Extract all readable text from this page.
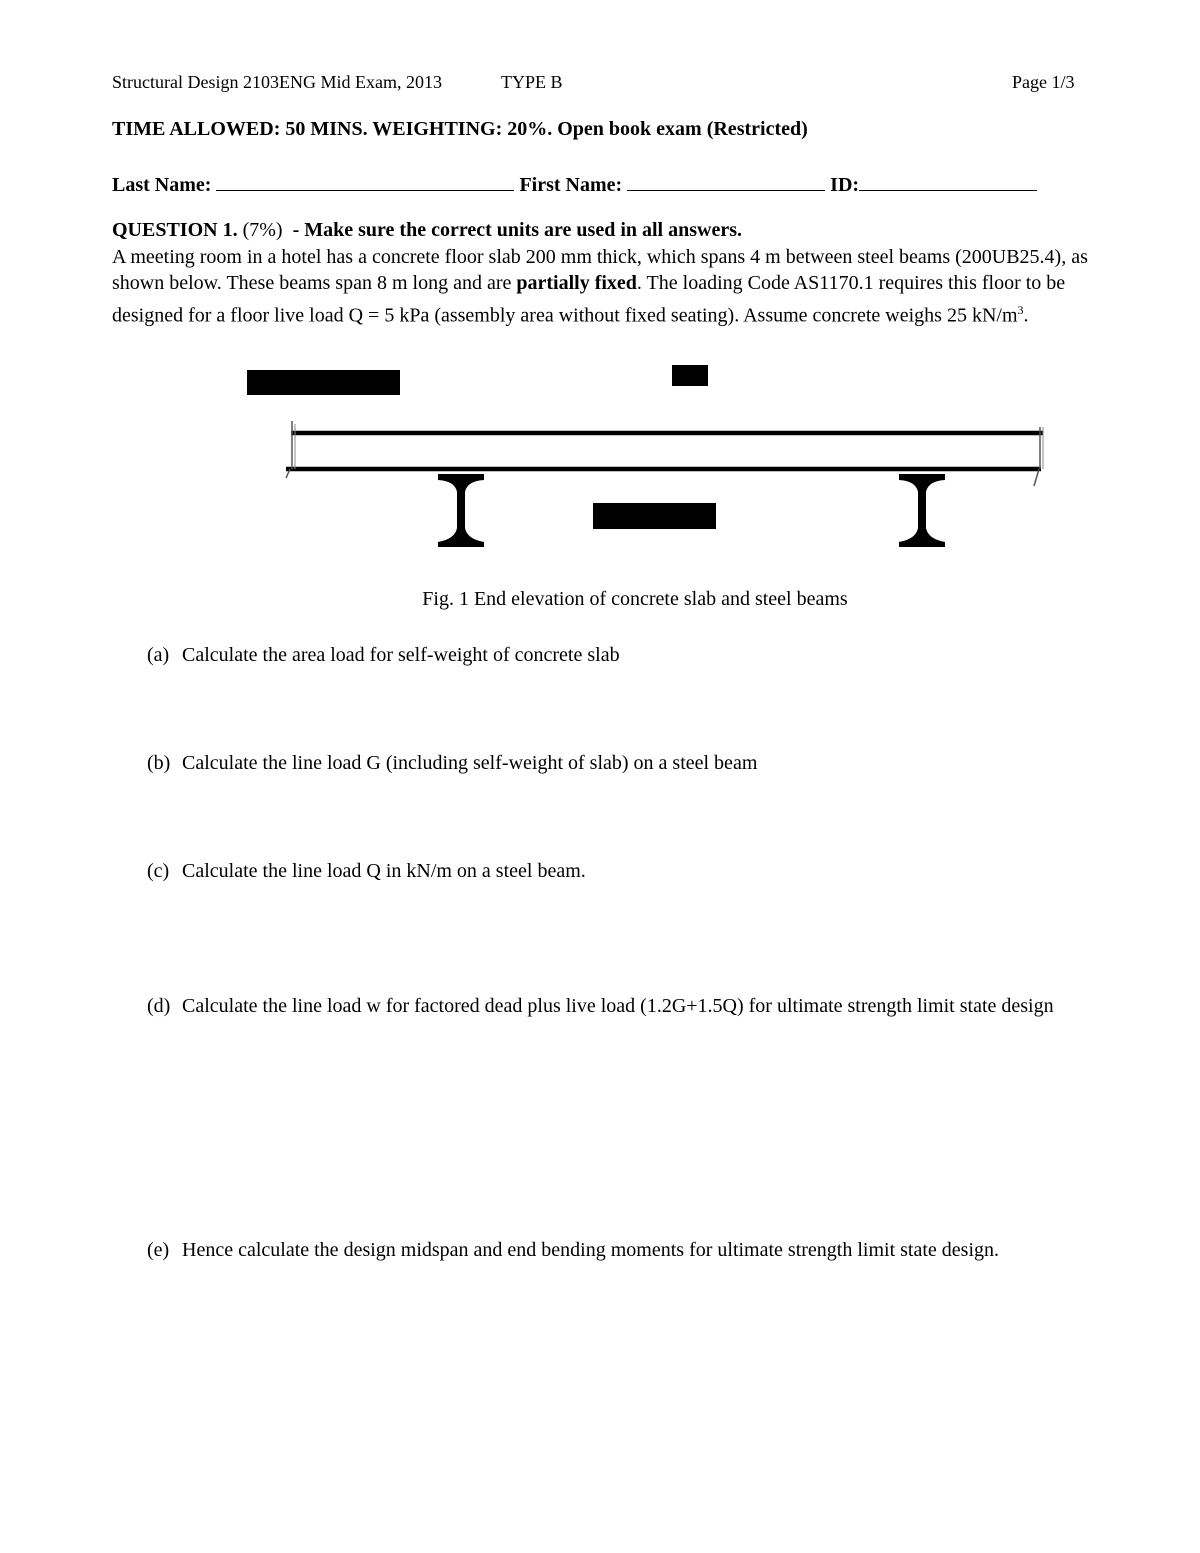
Structural Design 2103ENG Mid Exam, 2013	TYPE B	Page 1/3
TIME ALLOWED: 50 MINS. WEIGHTING: 20%. Open book exam (Restricted)
Last Name:	First Name:	ID:

QUESTION 1. (7%) - Make sure the correct units are used in all answers.

A meeting room in a hotel has a concrete floor slab 200 mm thick, which spans 4 m between steel beams (200UB25.4), as shown below. These beams span 8 m long and are partially fixed. The loading Code AS1170.1 requires this floor to be designed for a floor live load Q = 5 kPa (assembly area without fixed seating). Assume concrete weighs 25 $kN/m^3$.

Fig. 1 End elevation of concrete slab and steel beams
(a) Calculate the area load for self-weight of concrete slab
(b) Calculate the line load G (including self-weight of slab) on a steel beam
(c) Calculate the line load Q in kN/m on a steel beam.
(d) Calculate the line load w for factored dead plus live load (1.2G+1.5Q) for ultimate strength limit state design
(e) Hence calculate the design midspan and end bending moments for ultimate strength limit state design.
